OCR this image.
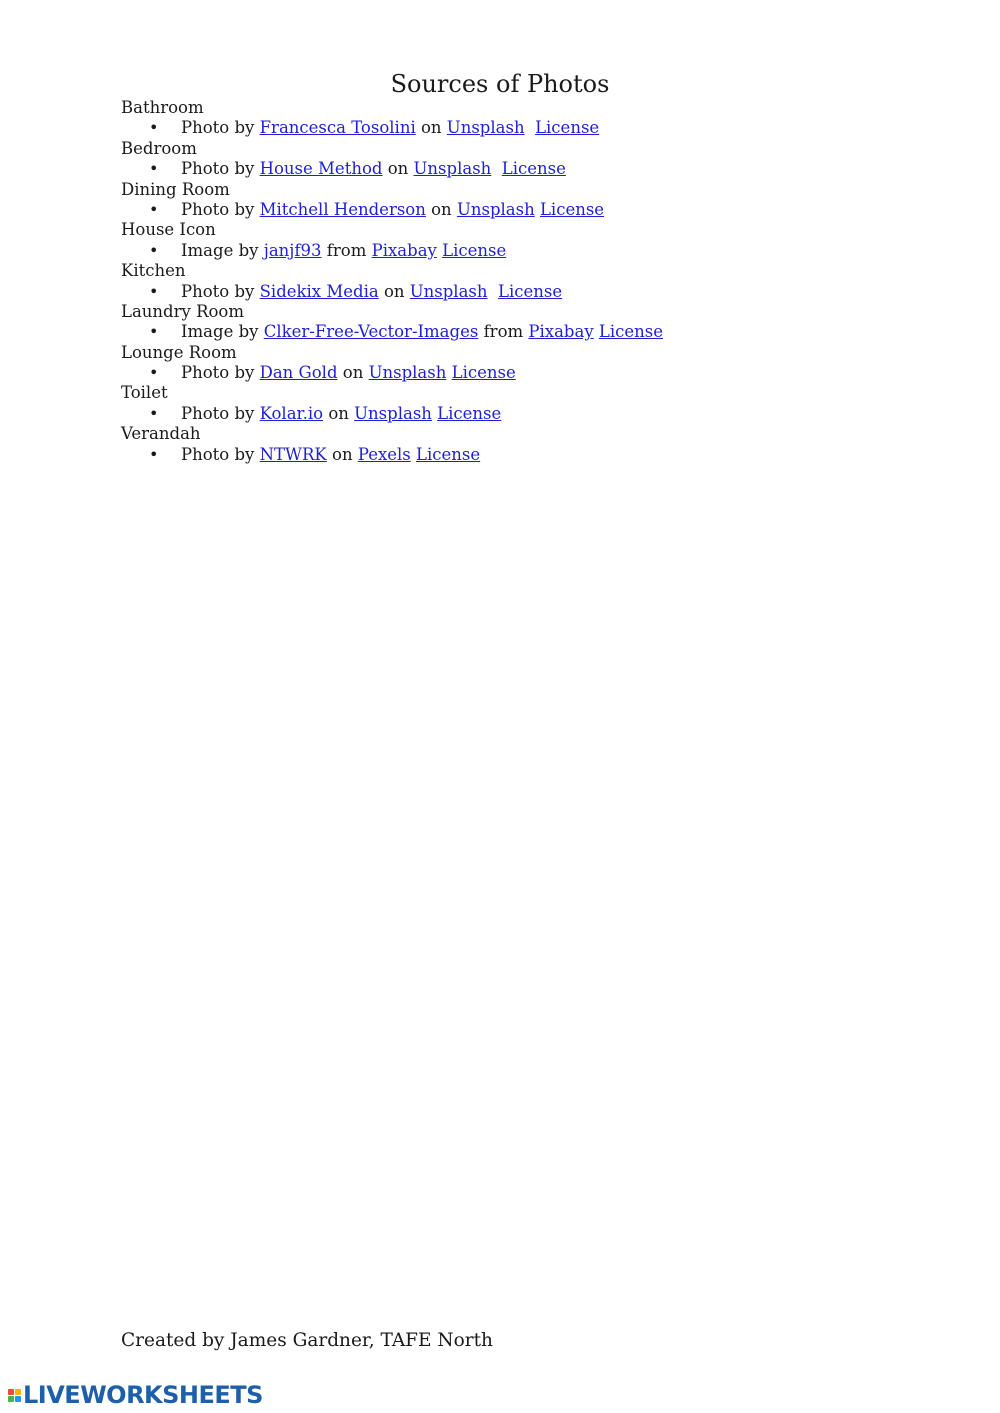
Sources of Photos
Bathroom
• Photo by Francesca Tosolini on Unsplash License
Bedroom
• Photo by House Method on Unsplash License
Dining Room
• Photo by Mitchell Henderson on Unsplash License
House Icon
• Image by janjf93 from Pixabay License
Kitchen
• Photo by Sidekix Media on Unsplash License
Laundry Room
• Image by Clker-Free-Vector-Images from Pixabay License
Lounge Room
• Photo by Dan Gold on Unsplash License
Toilet
• Photo by Kolar.io on Unsplash License
Verandah
• Photo by NTWRK on Pexels License
Created by James Gardner, TAFE North
LIVEWORKSHEETS
